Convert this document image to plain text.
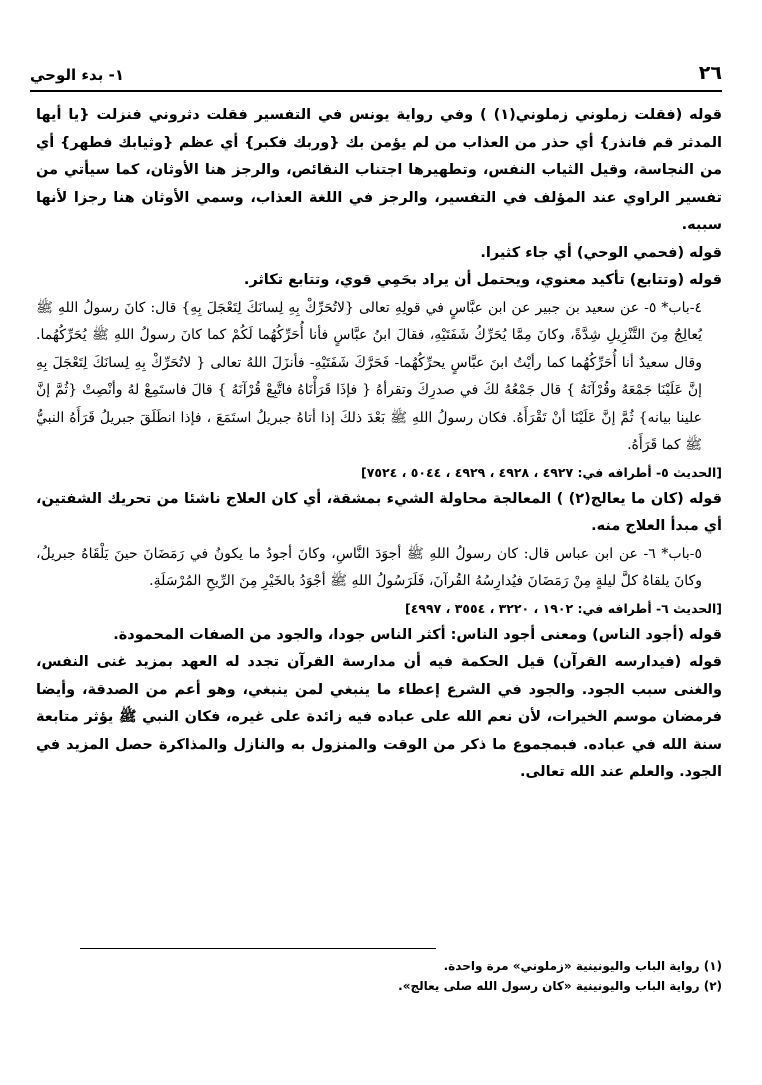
٢٦
١- بدء الوحي

قوله (فقلت زملوني زملوني(١) ) وفي رواية يونس في التفسير فقلت دثروني فنزلت {يا أيها المدثر قم فانذر} أي حذر من العذاب من لم يؤمن بك {وربك فكبر} أي عظم {وثيابك فطهر} أي من النجاسة، وقيل الثياب النفس، وتطهيرها اجتناب النقائص، والرجز هنا الأوثان، كما سيأتي من تفسير الراوي عند المؤلف في التفسير، والرجز في اللغة العذاب، وسمي الأوثان هنا رجزا لأنها سببه.

قوله (فحمي الوحي) أي جاء كثيرا.

قوله (وتتابع) تأكيد معنوي، ويحتمل أن يراد بحَمِي قوي، وتتابع تكاثر.

٤-باب* ٥- عن سعيد بن جبير عن ابن عبَّاسٍ في قولِهِ تعالى {لاتُحَرِّكْ بِهِ لِسانَكَ لِتَعْجَلَ بِهِ} قال: كانَ رسولُ اللهِ ﷺ يُعالِجُ مِنَ التَّنْزِيلِ شِدَّةً، وكانَ مِمَّا يُحَرِّكُ شَفَتَيْهِ، فقالَ ابنُ عبَّاسٍ فأنا أُحَرِّكُهُما لَكُمْ كما كانَ رسولُ اللهِ ﷺ يُحَرِّكُهُما. وقال سعيدٌ أنا أُحَرِّكُهُما كما رأيْتُ ابنَ عبَّاسٍ يحرِّكُهُما- فَحَرَّكَ شَفَتَيْهِ- فأنزَلَ اللهُ تعالى { لاتُحَرِّكْ بِهِ لِسانَكَ لِتَعْجَلَ بِهِ إنَّ عَلَيْنَا جَمْعَهُ وقُرْآنَهُ } قال جَمْعُهُ لكَ في صدرِكَ وتقرأهُ { فإذَا قَرَأْنَاهُ فاتَّبِعْ قُرْآنَهُ } قالَ فاستَمِعْ لهُ وأنْصِتْ {ثُمَّ إنَّ علينا بيانه} ثُمَّ إنَّ عَلَيْنَا أنْ تَقْرَأَهُ. فكان رسولُ اللهِ ﷺ بَعْدَ ذلكَ إذا أتاهُ جبريلُ استَمَعَ ، فإذا انطَلَقَ جبريلُ قَرَأَهُ النبيُّ ﷺ كما قَرَأَهُ.

[الحديث ٥- أطرافه في: ٤٩٢٧ ، ٤٩٢٨ ، ٤٩٢٩ ، ٥٠٤٤ ، ٧٥٢٤]

قوله (كان ما يعالج(٢) ) المعالجة محاولة الشيء بمشقة، أي كان العلاج ناشئا من تحريك الشفتين، أي مبدأ العلاج منه.

٥-باب* ٦- عن ابن عباس قال: كان رسولُ اللهِ ﷺ أجوَدَ النَّاسِ، وكانَ أجودُ ما يكونُ في رَمَضَانَ حينَ يَلْقَاهُ جبريلُ، وكانَ يلقاهُ كلَّ ليلةٍ مِنْ رَمَضَانَ فيُدارِسُهُ القُرآنَ، فَلَرَسُولُ اللهِ ﷺ أجْوَدُ بالخَيْرِ مِنَ الرِّيحِ المُرْسَلَةِ.

[الحديث ٦- أطرافه في: ١٩٠٢ ، ٣٢٢٠ ، ٣٥٥٤ ، ٤٩٩٧]

قوله (أجود الناس) ومعنى أجود الناس: أكثر الناس جودا، والجود من الصفات المحمودة.

قوله (فيدارسه القرآن) قيل الحكمة فيه أن مدارسة القرآن تجدد له العهد بمزيد غنى النفس، والغنى سبب الجود. والجود في الشرع إعطاء ما ينبغي لمن ينبغي، وهو أعم من الصدقة، وأيضا فرمضان موسم الخيرات، لأن نعم الله على عباده فيه زائدة على غيره، فكان النبي ﷺ يؤثر متابعة سنة الله في عباده. فبمجموع ما ذكر من الوقت والمنزول به والنازل والمذاكرة حصل المزيد في الجود. والعلم عند الله تعالى.

(١) رواية الباب واليونينية «زملوني» مرة واحدة.

(٢) رواية الباب واليونينية «كان رسول الله صلى يعالج».
